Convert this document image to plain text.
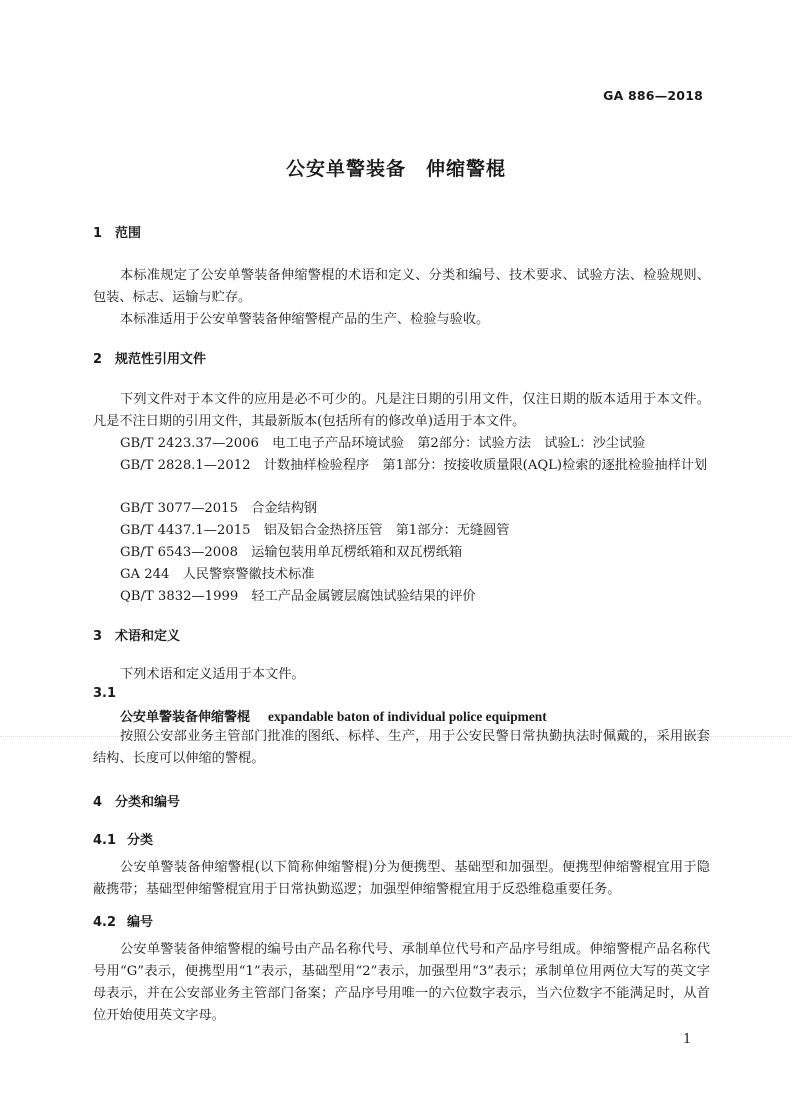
GA 886—2018
公安单警装备　伸缩警棍
1 范围
本标准规定了公安单警装备伸缩警棍的术语和定义、分类和编号、技术要求、试验方法、检验规则、包装、标志、运输与贮存。
本标准适用于公安单警装备伸缩警棍产品的生产、检验与验收。
2 规范性引用文件
下列文件对于本文件的应用是必不可少的。凡是注日期的引用文件，仅注日期的版本适用于本文件。凡是不注日期的引用文件，其最新版本(包括所有的修改单)适用于本文件。
GB/T 2423.37—2006　电工电子产品环境试验　第2部分：试验方法　试验L：沙尘试验
GB/T 2828.1—2012　计数抽样检验程序　第1部分：按接收质量限(AQL)检索的逐批检验抽样计划
GB/T 3077—2015　合金结构钢
GB/T 4437.1—2015　铝及铝合金热挤压管　第1部分：无缝圆管
GB/T 6543—2008　运输包装用单瓦楞纸箱和双瓦楞纸箱
GA 244　人民警察警徽技术标准
QB/T 3832—1999　轻工产品金属镀层腐蚀试验结果的评价
3 术语和定义
下列术语和定义适用于本文件。
3.1
公安单警装备伸缩警棍 expandable baton of individual police equipment
按照公安部业务主管部门批准的图纸、标样、生产，用于公安民警日常执勤执法时佩戴的，采用嵌套结构、长度可以伸缩的警棍。
4 分类和编号
4.1 分类
公安单警装备伸缩警棍(以下简称伸缩警棍)分为便携型、基础型和加强型。便携型伸缩警棍宜用于隐蔽携带；基础型伸缩警棍宜用于日常执勤巡逻；加强型伸缩警棍宜用于反恐维稳重要任务。
4.2 编号
公安单警装备伸缩警棍的编号由产品名称代号、承制单位代号和产品序号组成。伸缩警棍产品名称代号用“G”表示，便携型用“1”表示，基础型用“2”表示，加强型用“3”表示；承制单位用两位大写的英文字母表示，并在公安部业务主管部门备案；产品序号用唯一的六位数字表示，当六位数字不能满足时，从首位开始使用英文字母。
1
